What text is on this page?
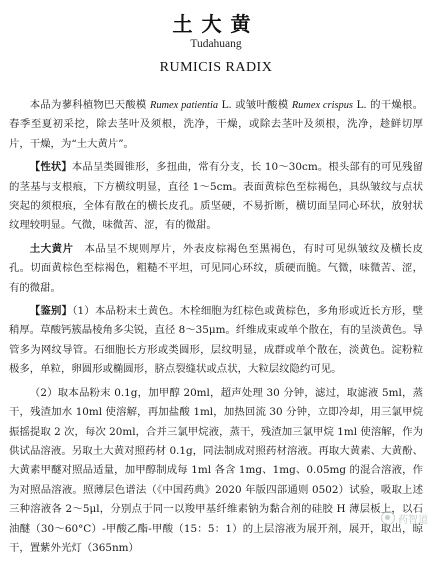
土大黄
Tudahuang
RUMICIS RADIX

本品为蓼科植物巴天酸模 Rumex patientia L. 或皱叶酸模 Rumex crispus L. 的干燥根。春季至夏初采挖，除去茎叶及须根，洗净，干燥，或除去茎叶及须根，洗净，趁鲜切厚片，干燥，为“土大黄片”。

【性状】本品呈类圆锥形，多扭曲，常有分支，长 10～30cm。根头部有的可见残留的茎基与支根痕，下方横纹明显，直径 1～5cm。表面黄棕色至棕褐色，具纵皱纹与点状突起的须根痕，全体有散在的横长皮孔。质坚硬，不易折断，横切面呈同心环状，放射状纹理较明显。气微，味微苦、涩，有的微甜。

土大黄片　 本品呈不规则厚片，外表皮棕褐色至黑褐色，有时可见纵皱纹及横长皮孔。切面黄棕色至棕褐色，粗糙不平坦，可见同心环纹，质硬而脆。气微，味微苦、涩，有的微甜。

【鉴别】（1）本品粉末土黄色。木栓细胞为红棕色或黄棕色，多角形或近长方形，壁稍厚。草酸钙簇晶棱角多尖锐，直径 8～35μm。纤维成束或单个散在，有的呈淡黄色。导管多为网纹导管。石细胞长方形或类圆形，层纹明显，成群或单个散在，淡黄色。淀粉粒极多，单粒，卵圆形或椭圆形，脐点裂缝状或点状，大粒层纹隐约可见。

（2）取本品粉末 0.1g，加甲醇 20ml，超声处理 30 分钟，滤过，取滤液 5ml，蒸干，残渣加水 10ml 使溶解，再加盐酸 1ml，加热回流 30 分钟，立即冷却，用三氯甲烷振摇提取 2 次，每次 20ml，合并三氯甲烷液，蒸干，残渣加三氯甲烷 1ml 使溶解，作为供试品溶液。另取土大黄对照药材 0.1g，同法制成对照药材溶液。再取大黄素、大黄酚、大黄素甲醚对照品适量，加甲醇制成每 1ml 各含 1mg、1mg、0.05mg 的混合溶液，作为对照品溶液。照薄层色谱法（《中国药典》2020 年版四部通则 0502）试验，吸取上述三种溶液各 2～5μl，分别点于同一以羧甲基纤维素钠为黏合剂的硅胶 H 薄层板上，以石油醚（30～60°C）-甲酸乙酯-甲酸（15：5：1）的上层溶液为展开剂，展开，取出，晾干，置紫外光灯（365nm）

药智道
